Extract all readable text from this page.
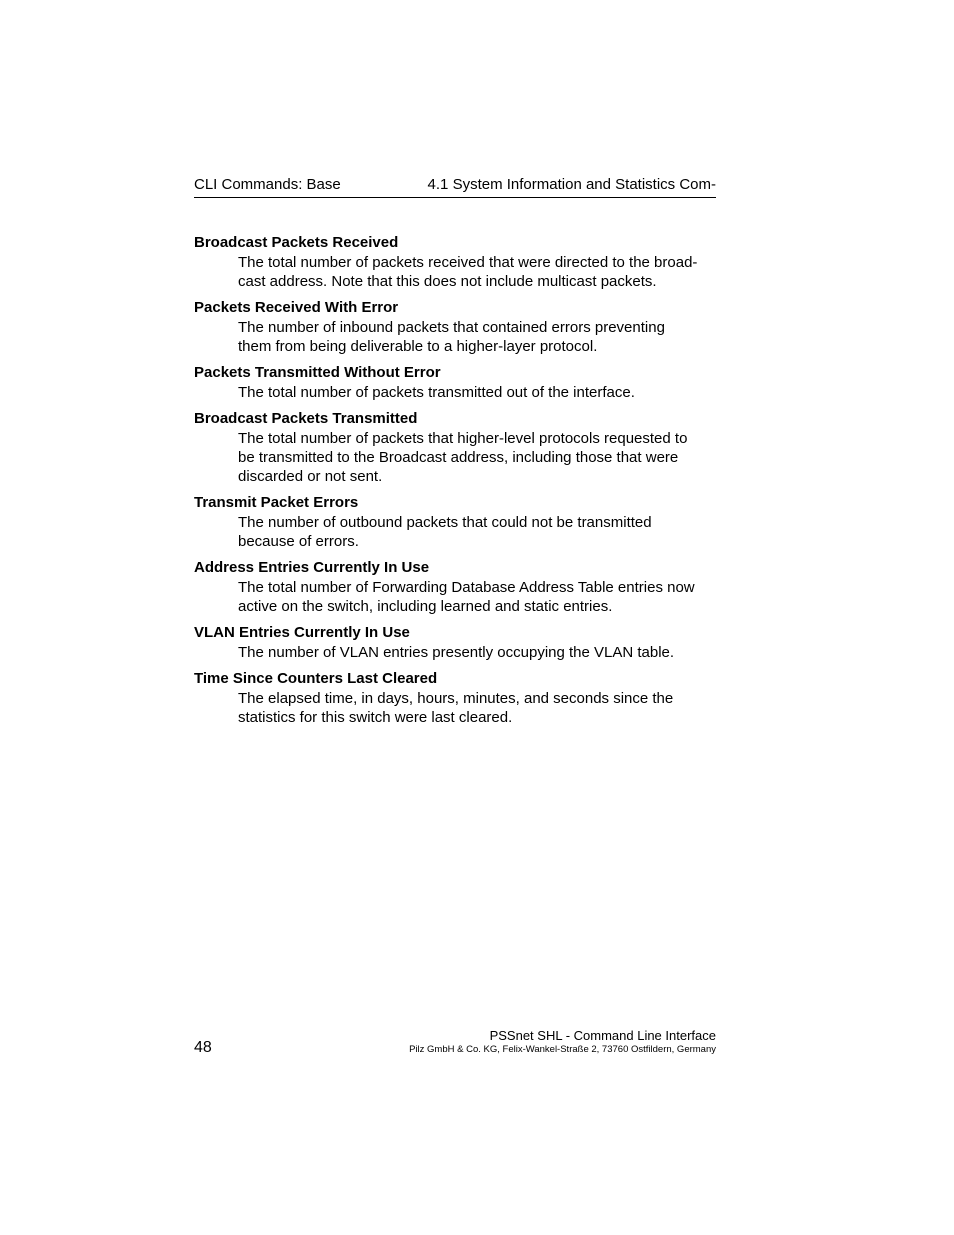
CLI Commands: Base	4.1 System Information and Statistics Com-
Broadcast Packets Received
The total number of packets received that were directed to the broad-
cast address. Note that this does not include multicast packets.
Packets Received With Error
The number of inbound packets that contained errors preventing
them from being deliverable to a higher-layer protocol.
Packets Transmitted Without Error
The total number of packets transmitted out of the interface.
Broadcast Packets Transmitted
The total number of packets that higher-level protocols requested to
be transmitted to the Broadcast address, including those that were
discarded or not sent.
Transmit Packet Errors
The number of outbound packets that could not be transmitted
because of errors.
Address Entries Currently In Use
The total number of Forwarding Database Address Table entries now
active on the switch, including learned and static entries.
VLAN Entries Currently In Use
The number of VLAN entries presently occupying the VLAN table.
Time Since Counters Last Cleared
The elapsed time, in days, hours, minutes, and seconds since the
statistics for this switch were last cleared.
48
PSSnet SHL - Command Line Interface
Pilz GmbH & Co. KG, Felix-Wankel-Straße 2, 73760 Ostfildern, Germany
